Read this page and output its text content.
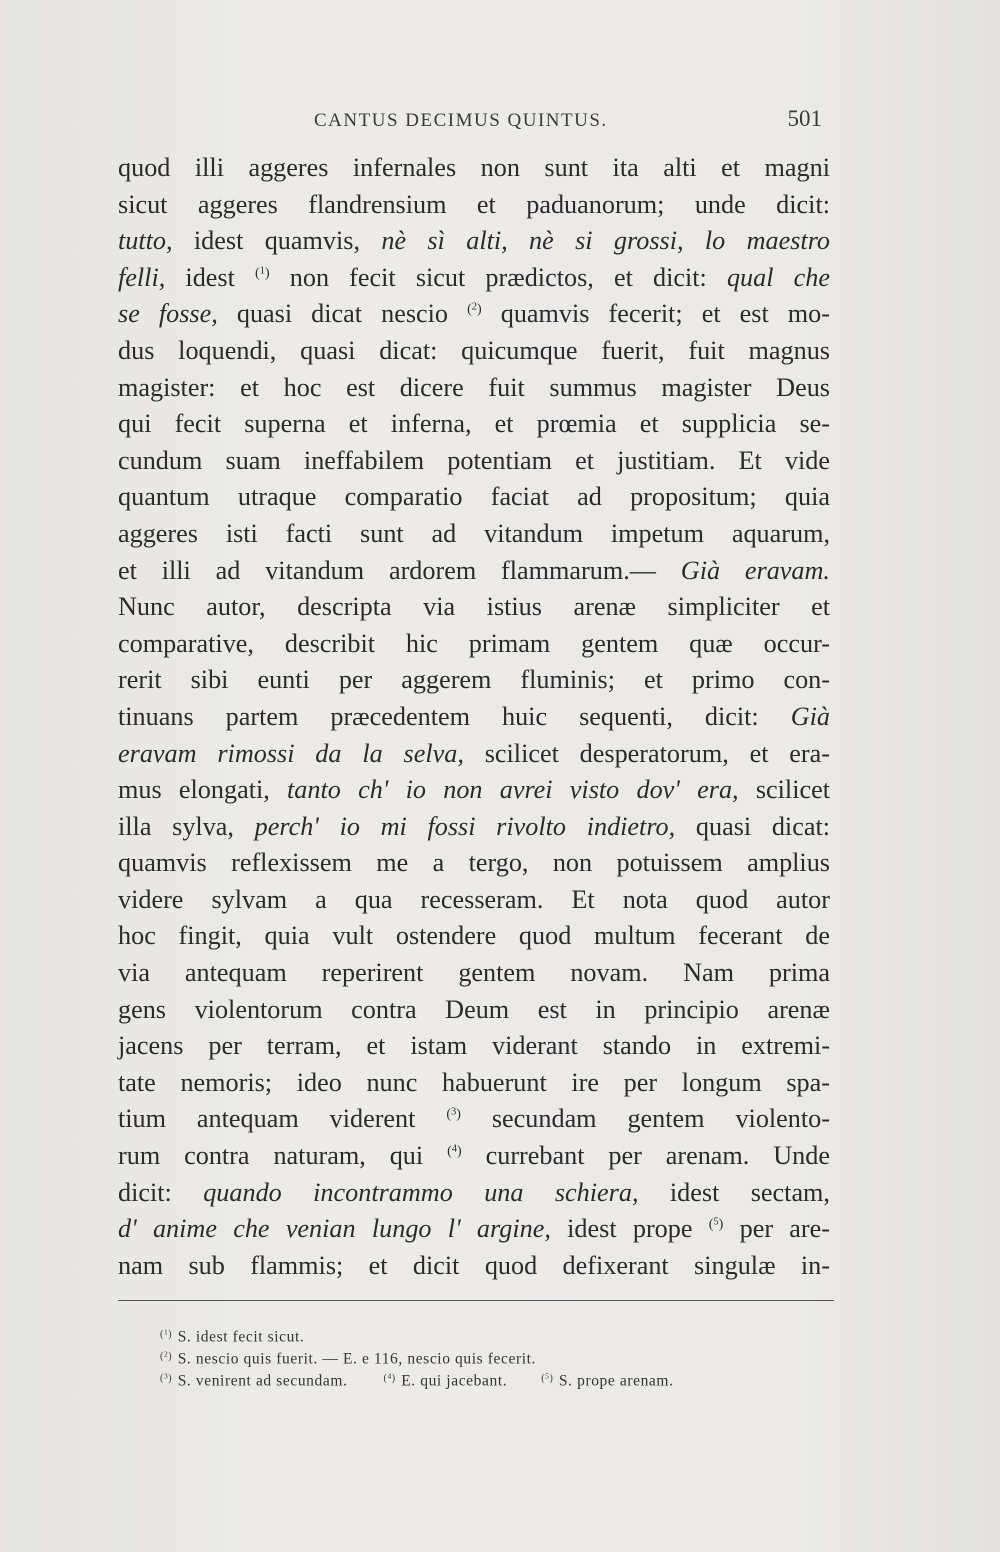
CANTUS DECIMUS QUINTUS.	501
quod illi aggeres infernales non sunt ita alti et magni
sicut aggeres flandrensium et paduanorum; unde dicit:
tutto, idest quamvis, nè sì alti, nè si grossi, lo maestro
felli, idest $^{(^1)}$ non fecit sicut prædictos, et dicit: qual che
se fosse, quasi dicat nescio $^{(^2)}$ quamvis fecerit; et est mo-
dus loquendi, quasi dicat: quicumque fuerit, fuit magnus
magister: et hoc est dicere fuit summus magister Deus
qui fecit superna et inferna, et prœmia et supplicia se-
cundum suam ineffabilem potentiam et justitiam. Et vide
quantum utraque comparatio faciat ad propositum; quia
aggeres isti facti sunt ad vitandum impetum aquarum,
et illi ad vitandum ardorem flammarum.— Già eravam.
Nunc autor, descripta via istius arenæ simpliciter et
comparative, describit hic primam gentem quæ occur-
rerit sibi eunti per aggerem fluminis; et primo con-
tinuans partem præcedentem huic sequenti, dicit: Già
eravam rimossi da la selva, scilicet desperatorum, et era-
mus elongati, tanto ch' io non avrei visto dov' era, scilicet
illa sylva, perch' io mi fossi rivolto indietro, quasi dicat:
quamvis reflexissem me a tergo, non potuissem amplius
videre sylvam a qua recesseram. Et nota quod autor
hoc fingit, quia vult ostendere quod multum fecerant de
via antequam reperirent gentem novam. Nam prima
gens violentorum contra Deum est in principio arenæ
jacens per terram, et istam viderant stando in extremi-
tate nemoris; ideo nunc habuerunt ire per longum spa-
tium antequam viderent $^{(^3)}$ secundam gentem violento-
rum contra naturam, qui $^{(^4)}$ currebant per arenam. Unde
dicit: quando incontrammo una schiera, idest sectam,
d' anime che venian lungo l' argine, idest prope $^{(^5)}$ per are-
nam sub flammis; et dicit quod defixerant singulæ in-
$^{(^1)}$ S. idest fecit sicut.
$^{(^2)}$ S. nescio quis fuerit. — E. e 116, nescio quis fecerit.
$^{(^3)}$ S. venirent ad secundam.	$^{(^4)}$ E. qui jacebant.	$^{(^5)}$ S. prope arenam.
